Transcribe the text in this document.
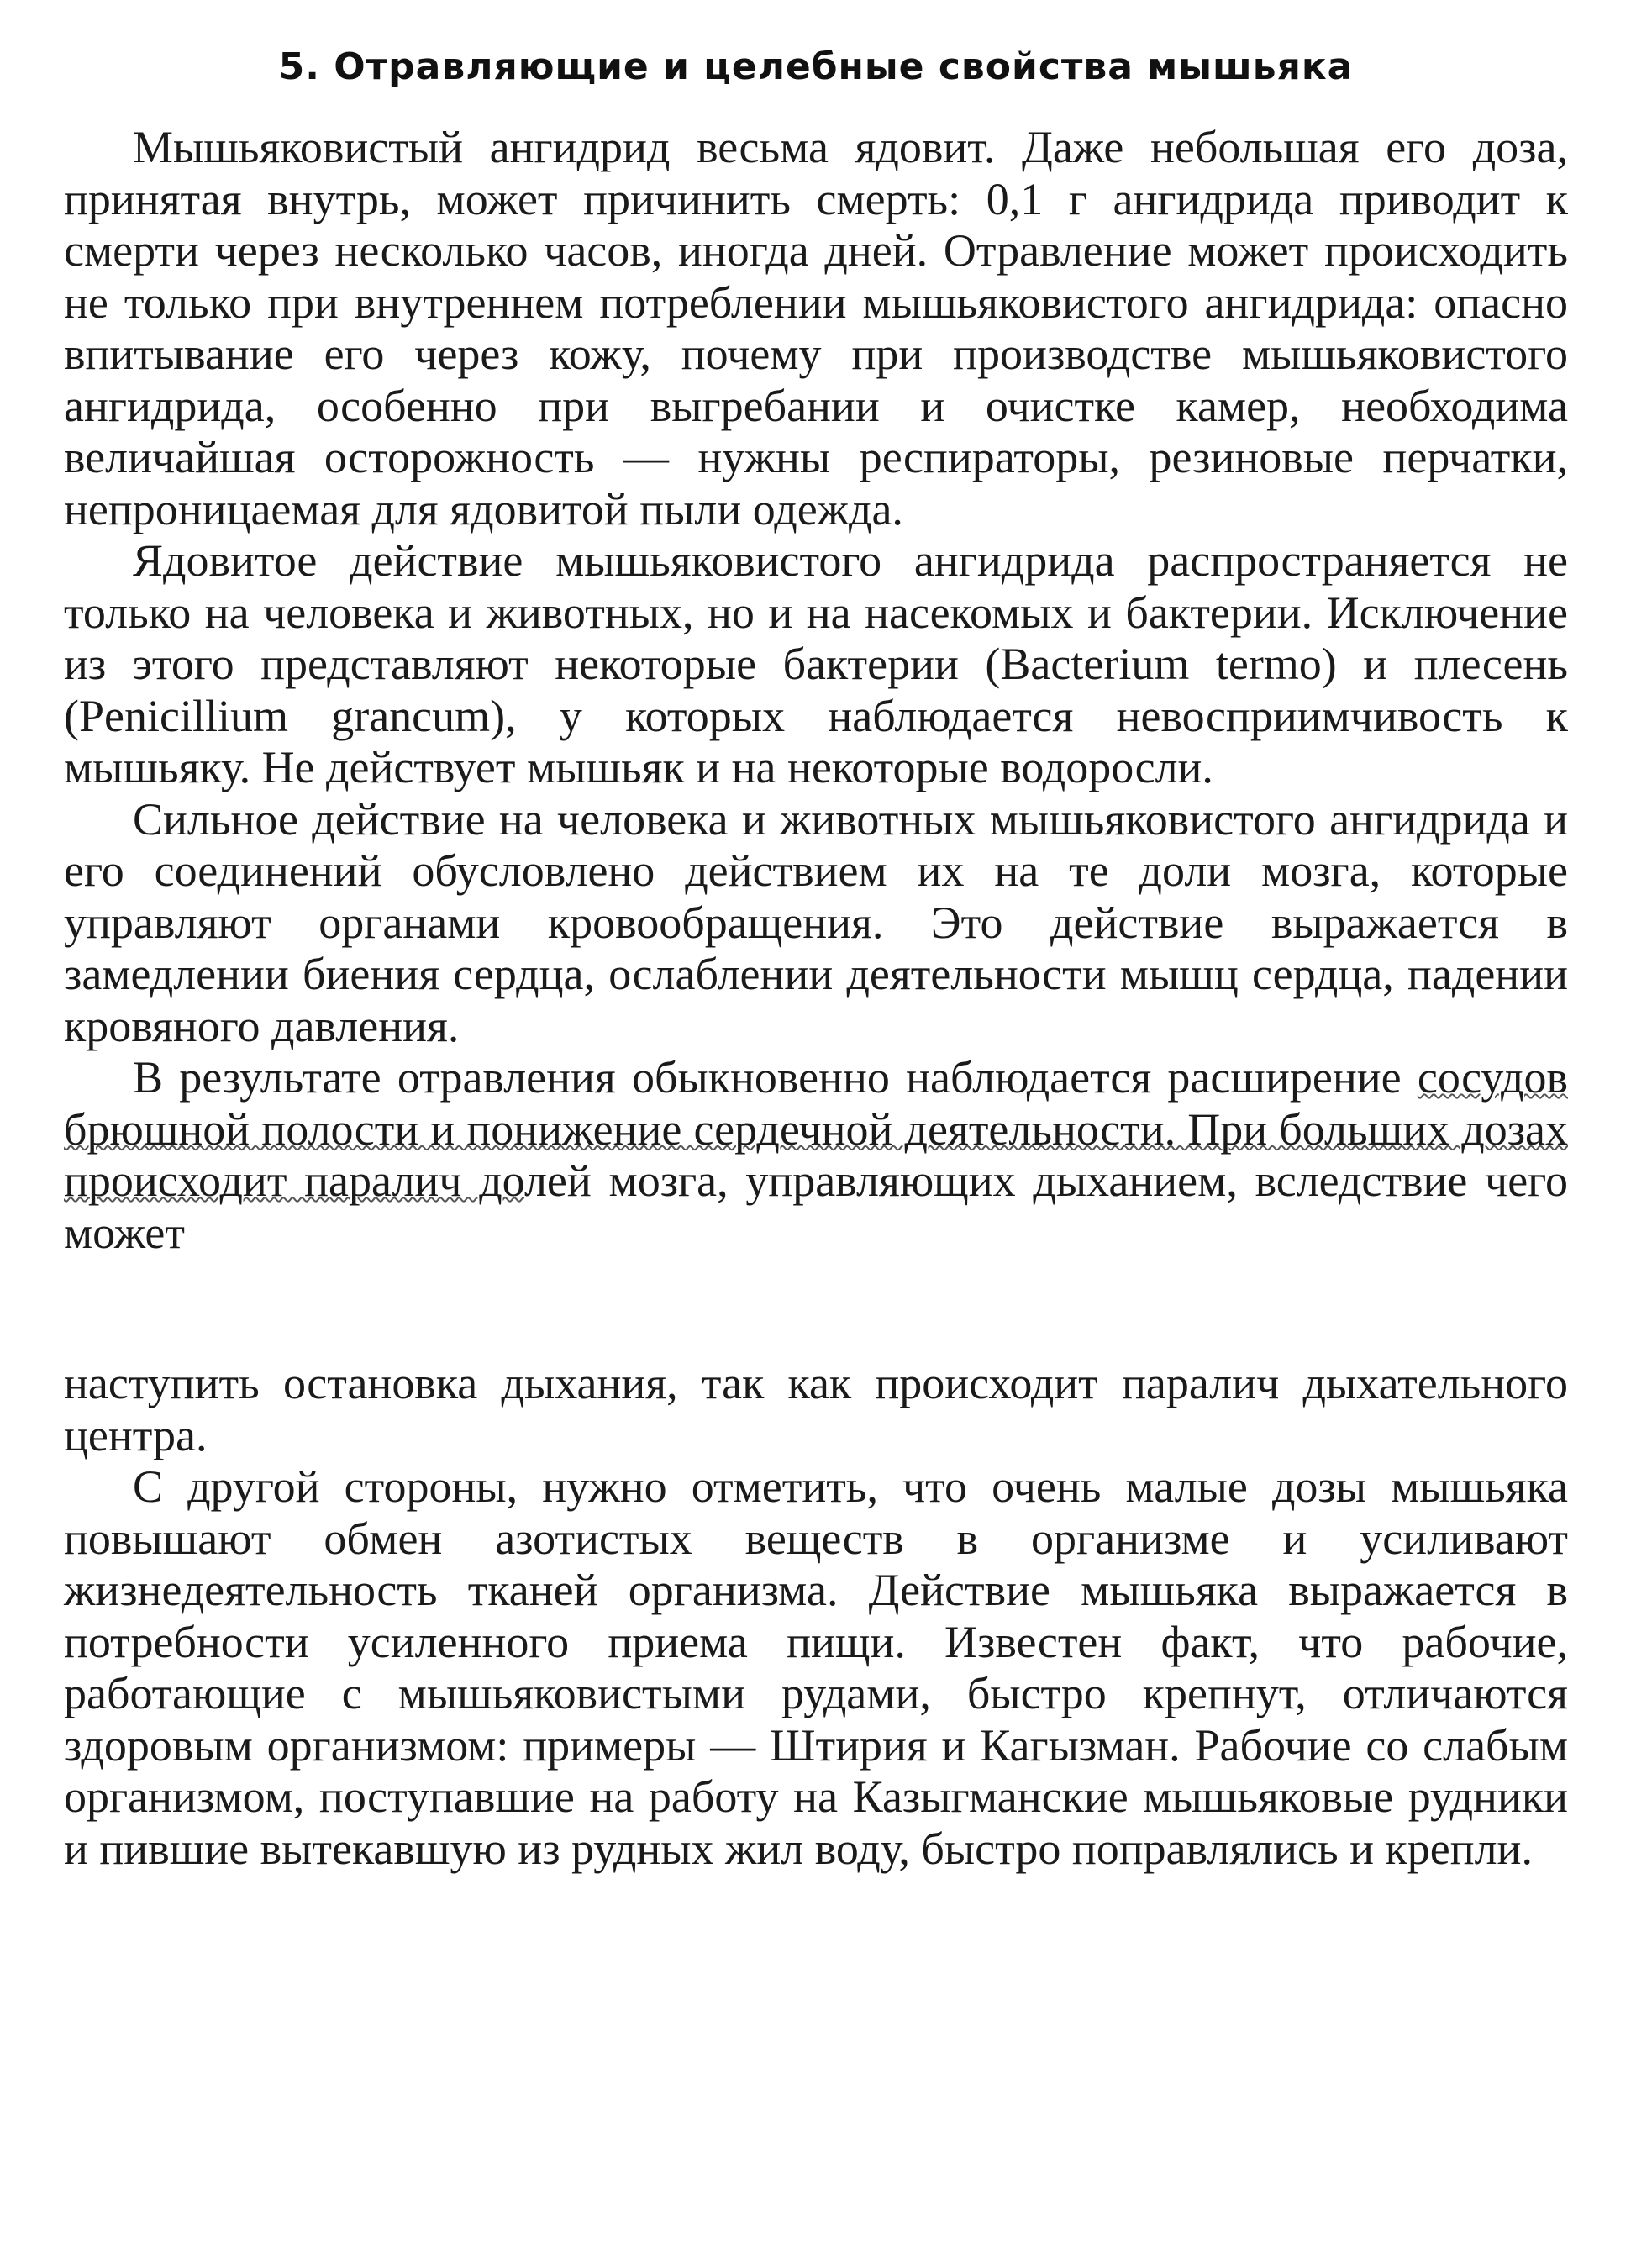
5. Отравляющие и целебные свойства мышьяка

Мышьяковистый ангидрид весьма ядовит. Даже небольшая его доза, принятая внутрь, может причинить смерть: 0,1 г ангидрида приводит к смерти через несколько часов, иногда дней. Отравление может происходить не только при внутреннем потреблении мышьяковистого ангидрида: опасно впитывание его через кожу, почему при производстве мышьяковистого ангидрида, особенно при выгребании и очистке камер, необходима величайшая осторожность — нужны респираторы, резиновые перчатки, непроницаемая для ядовитой пыли одежда.

Ядовитое действие мышьяковистого ангидрида распространяется не только на человека и животных, но и на насекомых и бактерии. Исключение из этого представляют некоторые бактерии (Bacterium termo) и плесень (Penicillium grancum), у которых наблюдается невосприимчивость к мышьяку. Не действует мышьяк и на некоторые водоросли.

Сильное действие на человека и животных мышьяковистого ангидрида и его соединений обусловлено действием их на те доли мозга, которые управляют органами кровообращения. Это действие выражается в замедлении биения сердца, ослаблении деятельности мышц сердца, падении кровяного давления.

В результате отравления обыкновенно наблюдается расширение сосудов брюшной полости и понижение сердечной деятельности. При больших дозах происходит паралич долей мозга, управляющих дыханием, вследствие чего может

наступить остановка дыхания, так как происходит паралич дыхательного центра.

С другой стороны, нужно отметить, что очень малые дозы мышьяка повышают обмен азотистых веществ в организме и усиливают жизнедеятельность тканей организма. Действие мышьяка выражается в потребности усиленного приема пищи. Известен факт, что рабочие, работающие с мышьяковистыми рудами, быстро крепнут, отличаются здоровым организмом: примеры — Штирия и Кагызман. Рабочие со слабым организмом, поступавшие на работу на Казыгманские мышьяковые рудники и пившие вытекавшую из рудных жил воду, быстро поправлялись и крепли.
